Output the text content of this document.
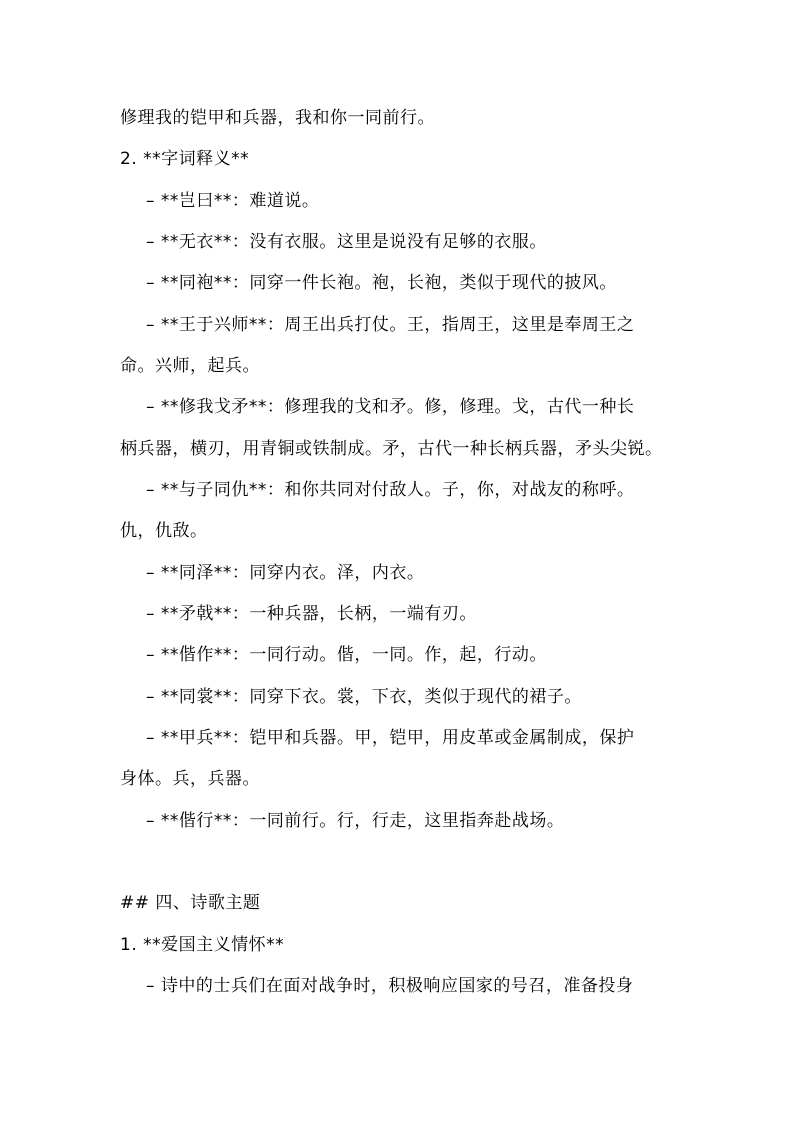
修理我的铠甲和兵器，我和你一同前行。
2. **字词释义**
– **岂曰**：难道说。
– **无衣**：没有衣服。这里是说没有足够的衣服。
– **同袍**：同穿一件长袍。袍，长袍，类似于现代的披风。
– **王于兴师**：周王出兵打仗。王，指周王，这里是奉周王之
命。兴师，起兵。
– **修我戈矛**：修理我的戈和矛。修，修理。戈，古代一种长
柄兵器，横刃，用青铜或铁制成。矛，古代一种长柄兵器，矛头尖锐。
– **与子同仇**：和你共同对付敌人。子，你，对战友的称呼。
仇，仇敌。
– **同泽**：同穿内衣。泽，内衣。
– **矛戟**：一种兵器，长柄，一端有刃。
– **偕作**：一同行动。偕，一同。作，起，行动。
– **同裳**：同穿下衣。裳，下衣，类似于现代的裙子。
– **甲兵**：铠甲和兵器。甲，铠甲，用皮革或金属制成，保护
身体。兵，兵器。
– **偕行**：一同前行。行，行走，这里指奔赴战场。
## 四、诗歌主题
1. **爱国主义情怀**
– 诗中的士兵们在面对战争时，积极响应国家的号召，准备投身
